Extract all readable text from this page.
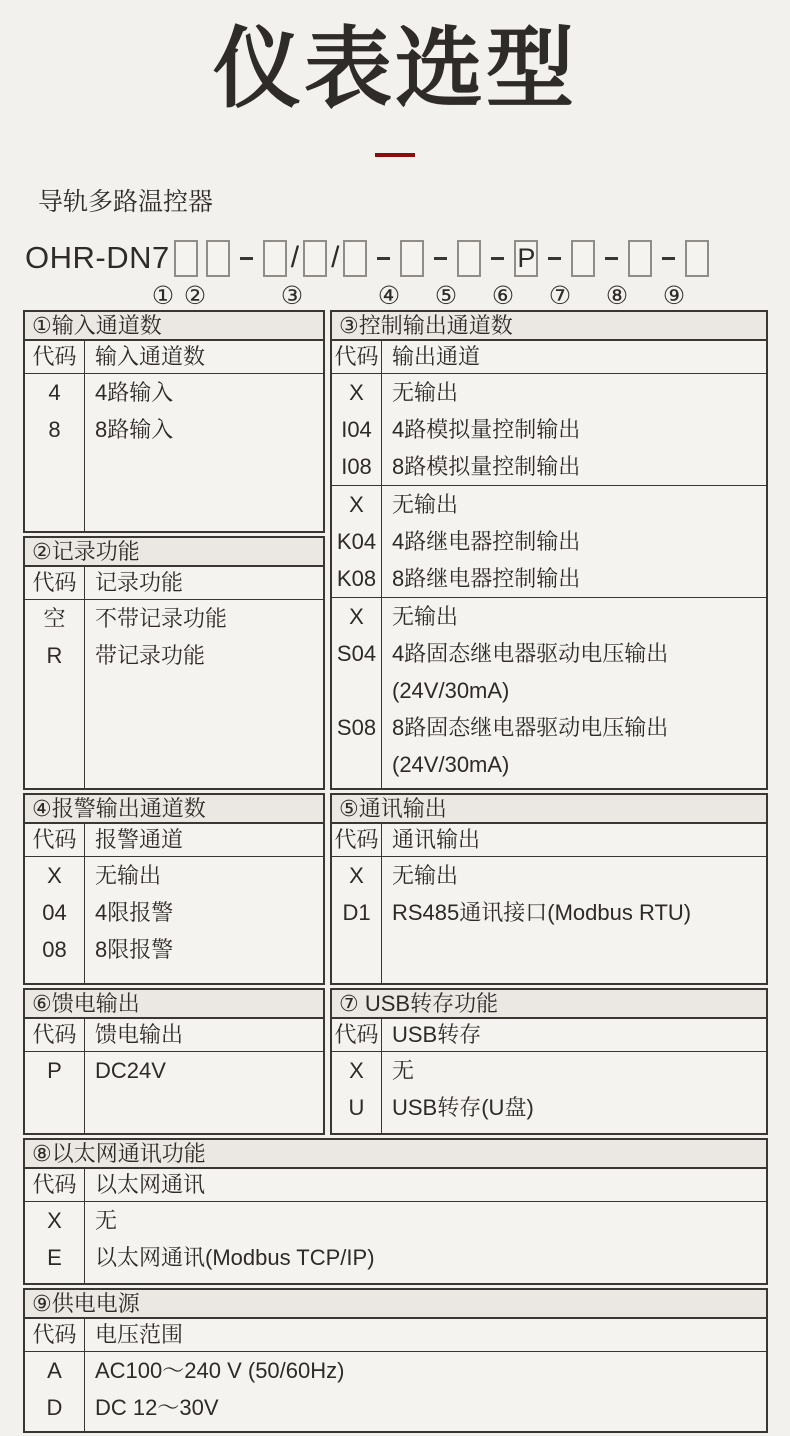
仪表选型
导轨多路温控器
OHR-DN7	/ /	P
① ②	③	④ ⑤ ⑥ ⑦ ⑧ ⑨
①输入通道数
代码 输入通道数
4	4路输入
8	8路输入
②记录功能
代码 记录功能
空	不带记录功能
R	带记录功能
③控制输出通道数
代码 输出通道
X	无输出
I04 4路模拟量控制输出
I08 8路模拟量控制输出
X	无输出
K04 4路继电器控制输出
K08 8路继电器控制输出
X	无输出
S04 4路固态继电器驱动电压输出
(24V/30mA)
S08 8路固态继电器驱动电压输出
(24V/30mA)
④报警输出通道数
代码 报警通道
X	无输出
04	4限报警
08	8限报警
⑤通讯输出
代码 通讯输出
X	无输出
D1 RS485通讯接口(Modbus RTU)
⑥馈电输出
代码 馈电输出
P	DC24V
⑦ USB转存功能
代码 USB转存
X	无
U	USB转存(U盘)
⑧以太网通讯功能
代码 以太网通讯
X	无
E	以太网通讯(Modbus TCP/IP)
⑨供电电源
代码 电压范围
A	AC100～240 V (50/60Hz)
D	DC 12～30V
